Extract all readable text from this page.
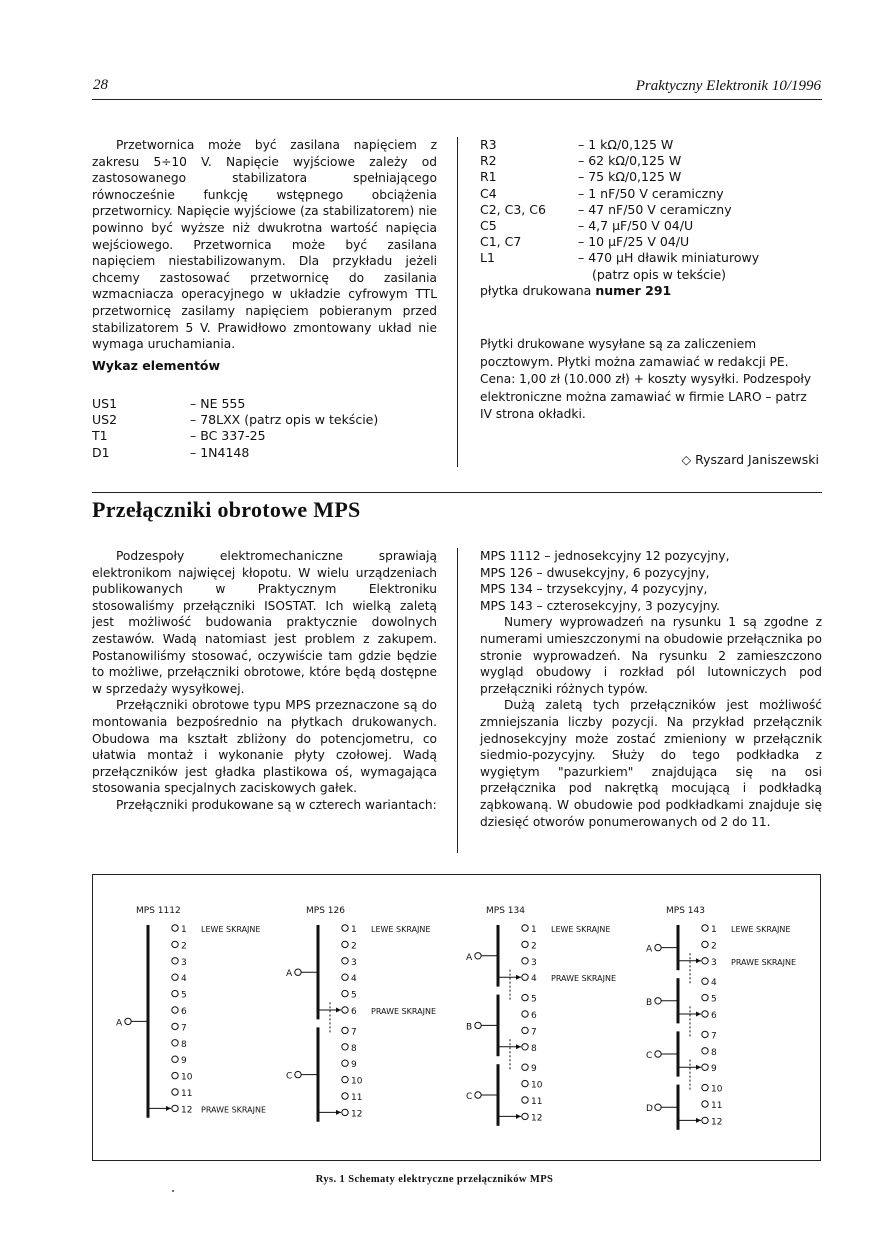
28	Praktyczny Elektronik 10/1996

Przetwornica może być zasilana napięciem z zakresu 5÷10 V. Napięcie wyjściowe zależy od zastosowanego stabilizatora spełniającego równocześnie funkcję wstępnego obciążenia przetwornicy. Napięcie wyjściowe (za stabilizatorem) nie powinno być wyższe niż dwukrotna wartość napięcia wejściowego. Przetwornica może być zasilana napięciem niestabilizowanym. Dla przykładu jeżeli chcemy zastosować przetwornicę do zasilania wzmacniacza operacyjnego w układzie cyfrowym TTL przetwornicę zasilamy napięciem pobieranym przed stabilizatorem 5 V. Prawidłowo zmontowany układ nie wymaga uruchamiania.

Wykaz elementów
US1	– NE 555
US2	– 78LXX (patrz opis w tekście)
T1	– BC 337-25
D1	– 1N4148
R3	– 1 kΩ/0,125 W
R2	– 62 kΩ/0,125 W
R1	– 75 kΩ/0,125 W
C4	– 1 nF/50 V ceramiczny
C2, C3, C6	– 47 nF/50 V ceramiczny
C5	– 4,7 µF/50 V 04/U
C1, C7	– 10 µF/25 V 04/U
L1	– 470 µH dławik miniaturowy
(patrz opis w tekście)
płytka drukowana numer 291

Płytki drukowane wysyłane są za zaliczeniem pocztowym. Płytki można zamawiać w redakcji PE. Cena: 1,00 zł (10.000 zł) + koszty wysyłki. Podzespoły elektroniczne można zamawiać w firmie LARO – patrz IV strona okładki.

◇ Ryszard Janiszewski
Przełączniki obrotowe MPS

Podzespoły elektromechaniczne sprawiają elektronikom najwięcej kłopotu. W wielu urządzeniach publikowanych w Praktycznym Elektroniku stosowaliśmy przełączniki ISOSTAT. Ich wielką zaletą jest możliwość budowania praktycznie dowolnych zestawów. Wadą natomiast jest problem z zakupem. Postanowiliśmy stosować, oczywiście tam gdzie będzie to możliwe, przełączniki obrotowe, które będą dostępne w sprzedaży wysyłkowej.

Przełączniki obrotowe typu MPS przeznaczone są do montowania bezpośrednio na płytkach drukowanych. Obudowa ma kształt zbliżony do potencjometru, co ułatwia montaż i wykonanie płyty czołowej. Wadą przełączników jest gładka plastikowa oś, wymagająca stosowania specjalnych zaciskowych gałek.

Przełączniki produkowane są w czterech wariantach:

MPS 1112 – jednosekcyjny 12 pozycyjny,

MPS 126 – dwusekcyjny, 6 pozycyjny,

MPS 134 – trzysekcyjny, 4 pozycyjny,

MPS 143 – czterosekcyjny, 3 pozycyjny.

Numery wyprowadzeń na rysunku 1 są zgodne z numerami umieszczonymi na obudowie przełącznika po stronie wyprowadzeń. Na rysunku 2 zamieszczono wygląd obudowy i rozkład pól lutowniczych pod przełączniki różnych typów.

Dużą zaletą tych przełączników jest możliwość zmniejszania liczby pozycji. Na przykład przełącznik jednosekcyjny może zostać zmieniony w przełącznik siedmio-pozycyjny. Służy do tego podkładka z wygiętym "pazurkiem" znajdująca się na osi przełącznika pod nakrętką mocującą i podkładką ząbkowaną. W obudowie pod podkładkami znajduje się dziesięć otworów ponumerowanych od 2 do 11.

MPS 1112
A
1 LEWE SKRAJNE
2
3
4
5
6
7
8
9
10
11
12 PRAWE SKRAJNE
MPS 126
A
1 LEWE SKRAJNE
2
3
4
5
6 PRAWE SKRAJNE
C
7
8
9
10
11
12
MPS 134
A
1 LEWE SKRAJNE
2
3
4 PRAWE SKRAJNE
B
5
6
7
8
C
9
10
11
12
MPS 143
A
1 LEWE SKRAJNE
2
3 PRAWE SKRAJNE
B
4
5
6
C
7
8
9
D
10
11
12
Rys. 1 Schematy elektryczne przełączników MPS
